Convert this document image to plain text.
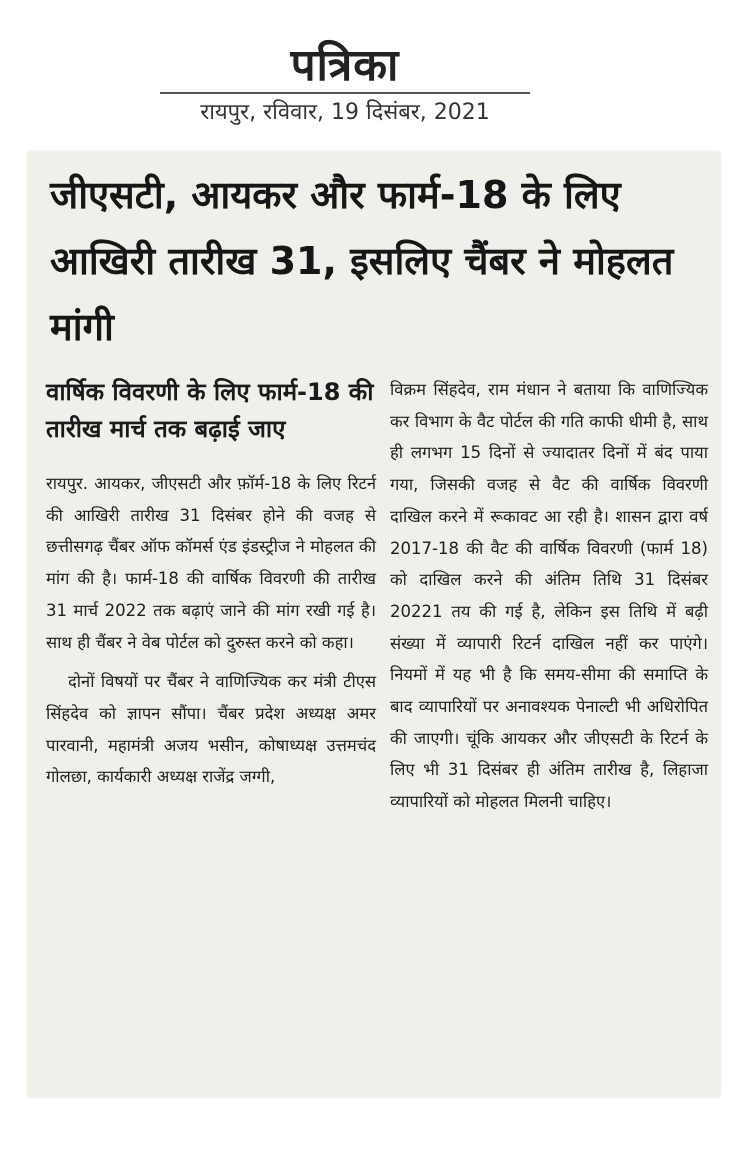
पत्रिका
रायपुर, रविवार, 19 दिसंबर, 2021
जीएसटी, आयकर और फार्म-18 के लिए आखिरी तारीख 31, इसलिए चैंबर ने मोहलत मांगी
वार्षिक विवरणी के लिए फार्म-18 की तारीख मार्च तक बढ़ाई जाए

रायपुर. आयकर, जीएसटी और फ़ॉर्म-18 के लिए रिटर्न की आखिरी तारीख 31 दिसंबर होने की वजह से छत्तीसगढ़ चैंबर ऑफ कॉमर्स एंड इंडस्ट्रीज ने मोहलत की मांग की है। फार्म-18 की वार्षिक विवरणी की तारीख 31 मार्च 2022 तक बढ़ाएं जाने की मांग रखी गई है। साथ ही चैंबर ने वेब पोर्टल को दुरुस्त करने को कहा।

दोनों विषयों पर चैंबर ने वाणिज्यिक कर मंत्री टीएस सिंहदेव को ज्ञापन सौंपा। चैंबर प्रदेश अध्यक्ष अमर पारवानी, महामंत्री अजय भसीन, कोषाध्यक्ष उत्तमचंद गोलछा, कार्यकारी अध्यक्ष राजेंद्र जग्गी,

विक्रम सिंहदेव, राम मंधान ने बताया कि वाणिज्यिक कर विभाग के वैट पोर्टल की गति काफी धीमी है, साथ ही लगभग 15 दिनों से ज्यादातर दिनों में बंद पाया गया, जिसकी वजह से वैट की वार्षिक विवरणी दाखिल करने में रूकावट आ रही है। शासन द्वारा वर्ष 2017-18 की वैट की वार्षिक विवरणी (फार्म 18) को दाखिल करने की अंतिम तिथि 31 दिसंबर 20221 तय की गई है, लेकिन इस तिथि में बढ़ी संख्या में व्यापारी रिटर्न दाखिल नहीं कर पाएंगे। नियमों में यह भी है कि समय-सीमा की समाप्ति के बाद व्यापारियों पर अनावश्यक पेनाल्टी भी अधिरोपित की जाएगी। चूंकि आयकर और जीएसटी के रिटर्न के लिए भी 31 दिसंबर ही अंतिम तारीख है, लिहाजा व्यापारियों को मोहलत मिलनी चाहिए।
